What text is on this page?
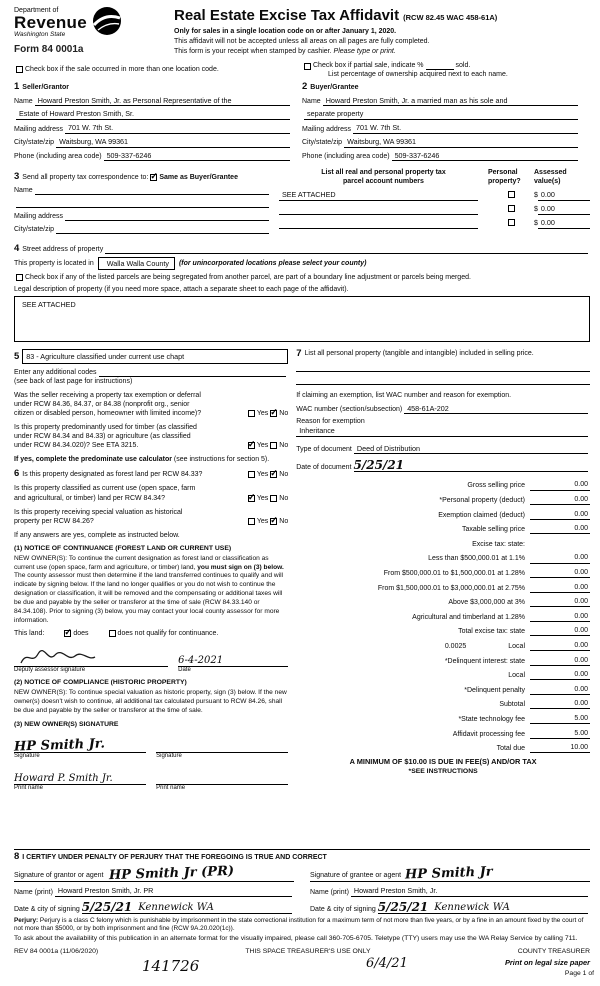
Department of
Revenue
Washington State
Form 84 0001a
Real Estate Excise Tax Affidavit (RCW 82.45 WAC 458-61A)
Only for sales in a single location code on or after January 1, 2020.
This affidavit will not be accepted unless all areas on all pages are fully completed.
This form is your receipt when stamped by cashier. Please type or print.
Check box if the sale occurred in more than one location code.
Check box if partial sale, indicate %	sold.
List percentage of ownership acquired next to each name.
1 Seller/Grantor
Name Howard Preston Smith, Jr. as Personal Representative of the
Estate of Howard Preston Smith, Sr.
Mailing address 701 W. 7th St.
City/state/zip Waitsburg, WA 99361
Phone (including area code) 509-337-6246
2 Buyer/Grantee
Name Howard Preston Smith, Jr. a married man as his sole and
separate property
Mailing address 701 W. 7th St.
City/state/zip Waitsburg, WA 99361
Phone (including area code) 509-337-6246
3 Send all property tax correspondence to: ✓ Same as Buyer/Grantee
Name
Mailing address
City/state/zip
List all real and personal property tax
parcel account numbers
Personal
property?
Assessed
value(s)
SEE ATTACHED	$ 0.00
$ 0.00
$ 0.00
4 Street address of property
This property is located in	Walla Walla County (for unincorporated locations please select your county)
Check box if any of the listed parcels are being segregated from another parcel, are part of a boundary line adjustment or parcels being merged.
Legal description of property (if you need more space, attach a separate sheet to each page of the affidavit).
SEE ATTACHED
5 83 - Agriculture classified under current use chapt
Enter any additional codes
(see back of last page for instructions)
Was the seller receiving a property tax exemption or deferral
under RCW 84.36, 84.37, or 84.38 (nonprofit org., senior
citizen or disabled person, homeowner with limited income)?	Yes ✓ No
Is this property predominantly used for timber (as classified
under RCW 84.34 and 84.33) or agriculture (as classified
under RCW 84.34.020)? See ETA 3215. ✓	Yes No
If yes, complete the predominate use calculator (see instructions for section 5).
6 Is this property designated as forest land per RCW 84.33?	Yes ✓ No
Is this property classified as current use (open space, farm
and agricultural, or timber) land per RCW 84.34? ✓	Yes No
Is this property receiving special valuation as historical
property per RCW 84.26?	Yes ✓ No
If any answers are yes, complete as instructed below.
(1) NOTICE OF CONTINUANCE (FOREST LAND OR CURRENT USE)
NEW OWNER(S): To continue the current designation as forest land or classification as current use (open space, farm and agriculture, or timber) land, you must sign on (3) below. The county assessor must then determine if the land transferred continues to qualify and will indicate by signing below. If the land no longer qualifies or you do not wish to continue the designation or classification, it will be removed and the compensating or additional taxes will be due and payable by the seller or transferor at the time of sale (RCW 84.33.140 or 84.34.108). Prior to signing (3) below, you may contact your local county assessor for more information.
This land: ✓	does	does not qualify for continuance.
Deputy assessor signature
6-4-2021
Date
(2) NOTICE OF COMPLIANCE (HISTORIC PROPERTY)
NEW OWNER(S): To continue special valuation as historic property, sign (3) below. If the new owner(s) doesn't wish to continue, all additional tax calculated pursuant to RCW 84.26, shall be due and payable by the seller or transferor at the time of sale.
(3) NEW OWNER(S) SIGNATURE
HP Smith Jr.
Signature	Signature
Howard P. Smith Jr.
Print name	Print name
7 List all personal property (tangible and intangible) included in selling price.
If claiming an exemption, list WAC number and reason for exemption.
WAC number (section/subsection) 458-61A-202
Reason for exemption
Inheritance
Type of document Deed of Distribution
Date of document 5/25/21
Gross selling price	0.00
*Personal property (deduct)	0.00
Exemption claimed (deduct)	0.00
Taxable selling price	0.00
Excise tax: state:
Less than $500,000.01 at 1.1%	0.00
From $500,000.01 to $1,500,000.01 at 1.28%	0.00
From $1,500,000.01 to $3,000,000.01 at 2.75%	0.00
Above $3,000,000 at 3%	0.00
Agricultural and timberland at 1.28%	0.00
Total excise tax: state	0.00
0.0025	Local	0.00
*Delinquent interest: state	0.00
Local	0.00
*Delinquent penalty	0.00
Subtotal	0.00
*State technology fee	5.00
Affidavit processing fee	5.00
Total due	10.00
A MINIMUM OF $10.00 IS DUE IN FEE(S) AND/OR TAX
*SEE INSTRUCTIONS
8 I CERTIFY UNDER PENALTY OF PERJURY THAT THE FOREGOING IS TRUE AND CORRECT
Signature of grantor or agent HP Smith Jr (PR)
Name (print) Howard Preston Smith, Jr. PR
Date & city of signing 5/25/21 Kennewick WA
Signature of grantee or agent HP Smith Jr
Name (print) Howard Preston Smith, Jr.
Date & city of signing 5/25/21 Kennewick WA
Perjury: Perjury is a class C felony which is punishable by imprisonment in the state correctional institution for a maximum term of not more than five years, or by a fine in an amount fixed by the court of not more than $5000, or by both imprisonment and fine (RCW 9A.20.020(1c)).
To ask about the availability of this publication in an alternate format for the visually impaired, please call 360-705-6705. Teletype (TTY) users may use the WA Relay Service by calling 711.
REV 84 0001a (11/06/2020)	THIS SPACE TREASURER'S USE ONLY	COUNTY TREASURER
141726	6/4/21	Print on legal size paper
Page 1 of
